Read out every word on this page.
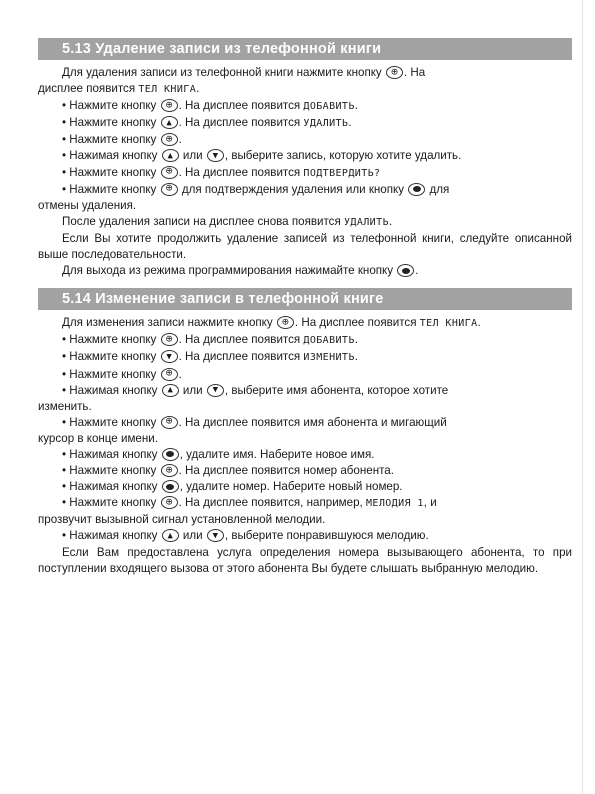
5.13 Удаление записи из телефонной книги

Для удаления записи из телефонной книги нажмите кнопку ⊕ . На

дисплее появится ТЕЛ КНИГА.

• Нажмите кнопку ⊕ . На дисплее появится ДОБАВИТЬ.

• Нажмите кнопку	▲ . На дисплее появится УДАЛИТЬ.

• Нажмите кнопку ⊕ .

• Нажимая кнопку	▲ или	▼ , выберите запись, которую хотите удалить.

• Нажмите кнопку ⊕ . На дисплее появится ПОДТВЕРДИТЬ?

• Нажмите кнопку ⊕ для подтверждения удаления или кнопку для

отмены удаления.

После удаления записи на дисплее снова появится УДАЛИТЬ.

Если Вы хотите продолжить удаление записей из телефонной книги, следуйте описанной выше последовательности.

Для выхода из режима программирования нажимайте кнопку .

5.14 Изменение записи в телефонной книге

Для изменения записи нажмите кнопку ⊕ . На дисплее появится ТЕЛ КНИГА.

• Нажмите кнопку ⊕ . На дисплее появится ДОБАВИТЬ.

• Нажмите кнопку	▼ . На дисплее появится ИЗМЕНИТЬ.

• Нажмите кнопку ⊕ .

• Нажимая кнопку	▲ или	▼ , выберите имя абонента, которое хотите

изменить.

• Нажмите кнопку ⊕ . На дисплее появится имя абонента и мигающий

курсор в конце имени.

• Нажимая кнопку , удалите имя. Наберите новое имя.

• Нажмите кнопку ⊕ . На дисплее появится номер абонента.

• Нажимая кнопку , удалите номер. Наберите новый номер.

• Нажмите кнопку ⊕ . На дисплее появится, например, МЕЛОДИЯ 1, и

прозвучит вызывной сигнал установленной мелодии.

• Нажимая кнопку	▲ или	▼ , выберите понравившуюся мелодию.

Если Вам предоставлена услуга определения номера вызывающего абонента, то при поступлении входящего вызова от этого абонента Вы будете слышать выбранную мелодию.
